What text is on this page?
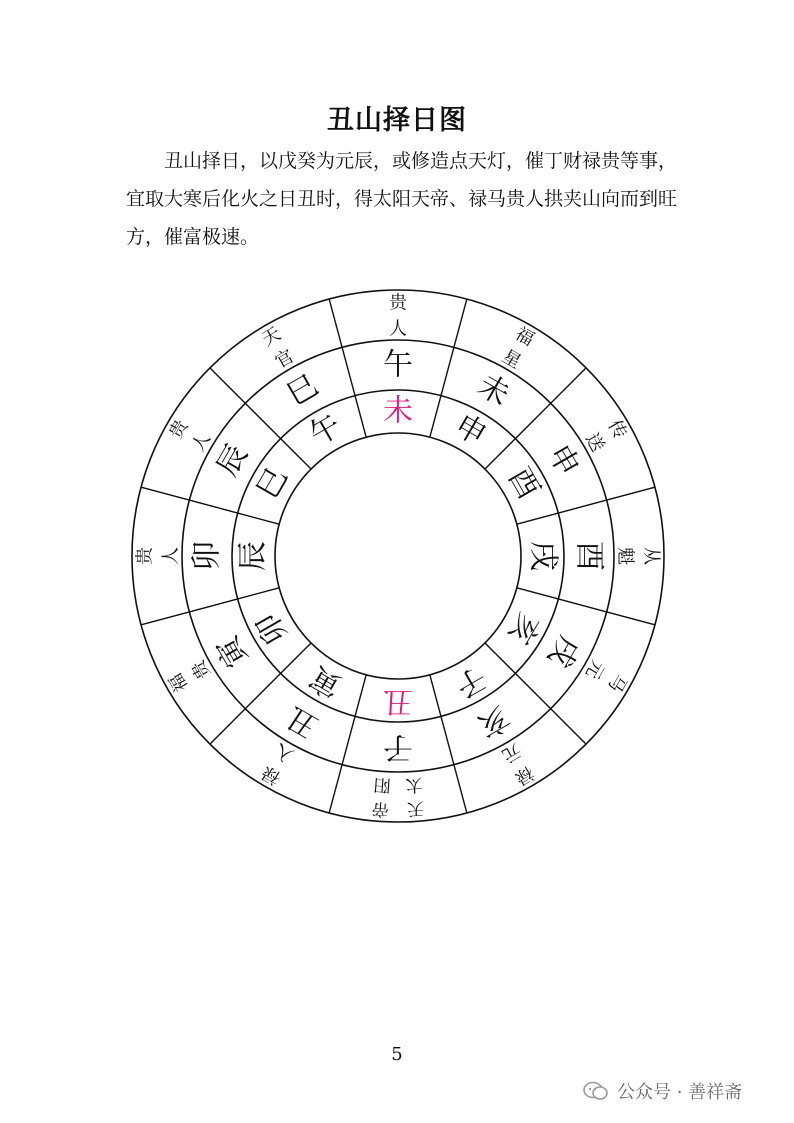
丑山择日图

丑山择日，以戊癸为元辰，或修造点天灯，催丁财禄贵等事，宜取大寒后化火之日丑时，得太阳天帝、禄马贵人拱夹山向而到旺方，催富极速。

贵
人	福
星
传
送
从
魁
马
元
禄
元
天
太
帝
阳
禄
入
福
贵
贵 人
贵
人
天
官	午
未
申
酉
戌
亥
子
丑
寅
卯
辰
巳 未 申
酉
戌
亥
子
丑
寅
卯
辰
巳
午
5
公众号 · 善祥斋
